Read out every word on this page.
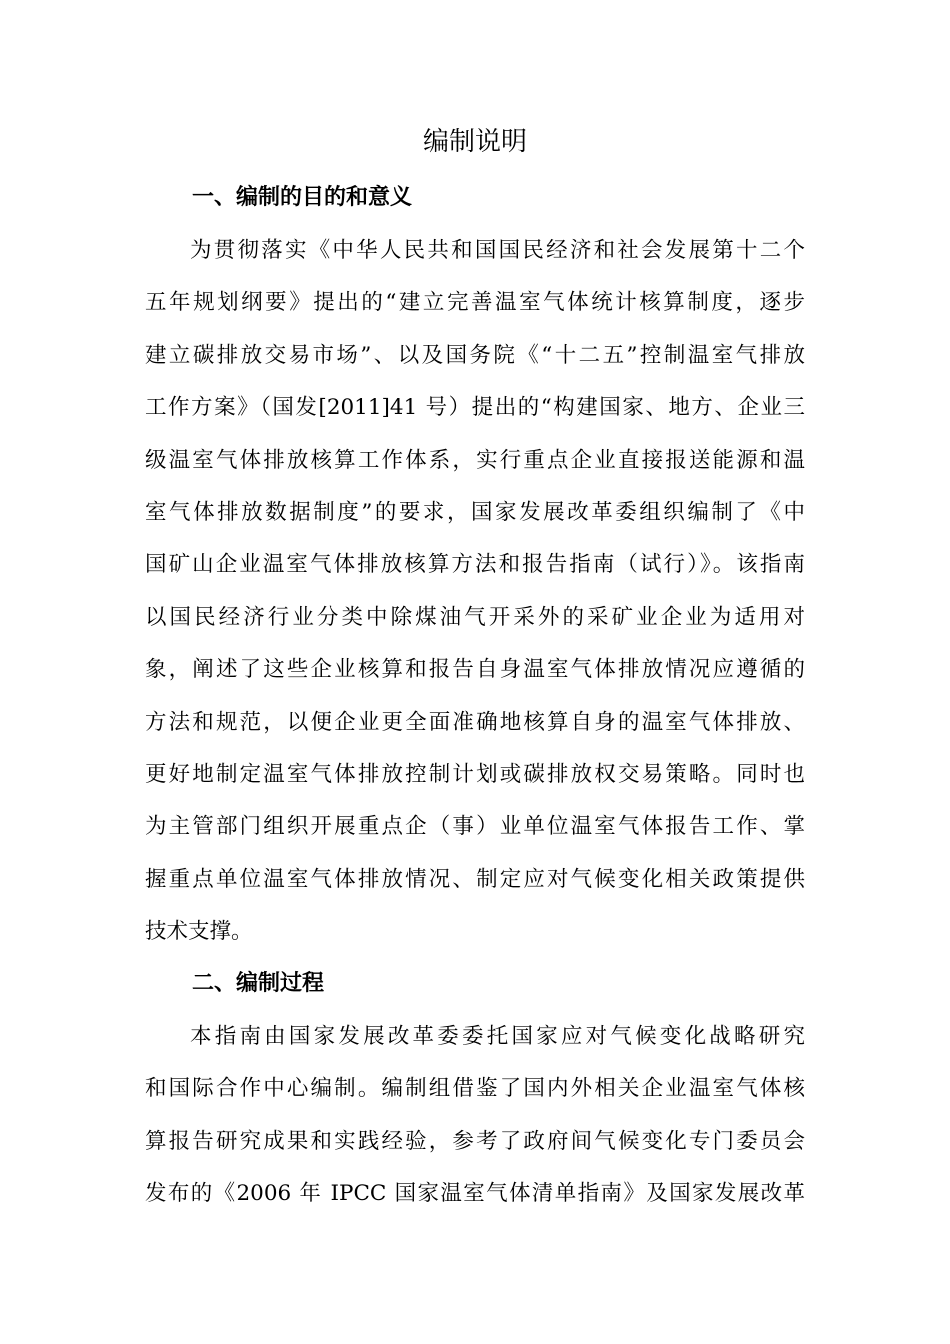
编制说明
一、编制的目的和意义
为贯彻落实《中华人民共和国国民经济和社会发展第十二个
五年规划纲要》提出的“建立完善温室气体统计核算制度，逐步
建立碳排放交易市场”、以及国务院《“十二五”控制温室气排放
工作方案》（国发[2011]41 号）提出的“构建国家、地方、企业三
级温室气体排放核算工作体系，实行重点企业直接报送能源和温
室气体排放数据制度”的要求，国家发展改革委组织编制了《中
国矿山企业温室气体排放核算方法和报告指南（试行）》。该指南
以国民经济行业分类中除煤油气开采外的采矿业企业为适用对
象，阐述了这些企业核算和报告自身温室气体排放情况应遵循的
方法和规范，以便企业更全面准确地核算自身的温室气体排放、
更好地制定温室气体排放控制计划或碳排放权交易策略。同时也
为主管部门组织开展重点企（事）业单位温室气体报告工作、掌
握重点单位温室气体排放情况、制定应对气候变化相关政策提供
技术支撑。
二、编制过程
本指南由国家发展改革委委托国家应对气候变化战略研究
和国际合作中心编制。编制组借鉴了国内外相关企业温室气体核
算报告研究成果和实践经验，参考了政府间气候变化专门委员会
发布的《2006 年 IPCC 国家温室气体清单指南》及国家发展改革
